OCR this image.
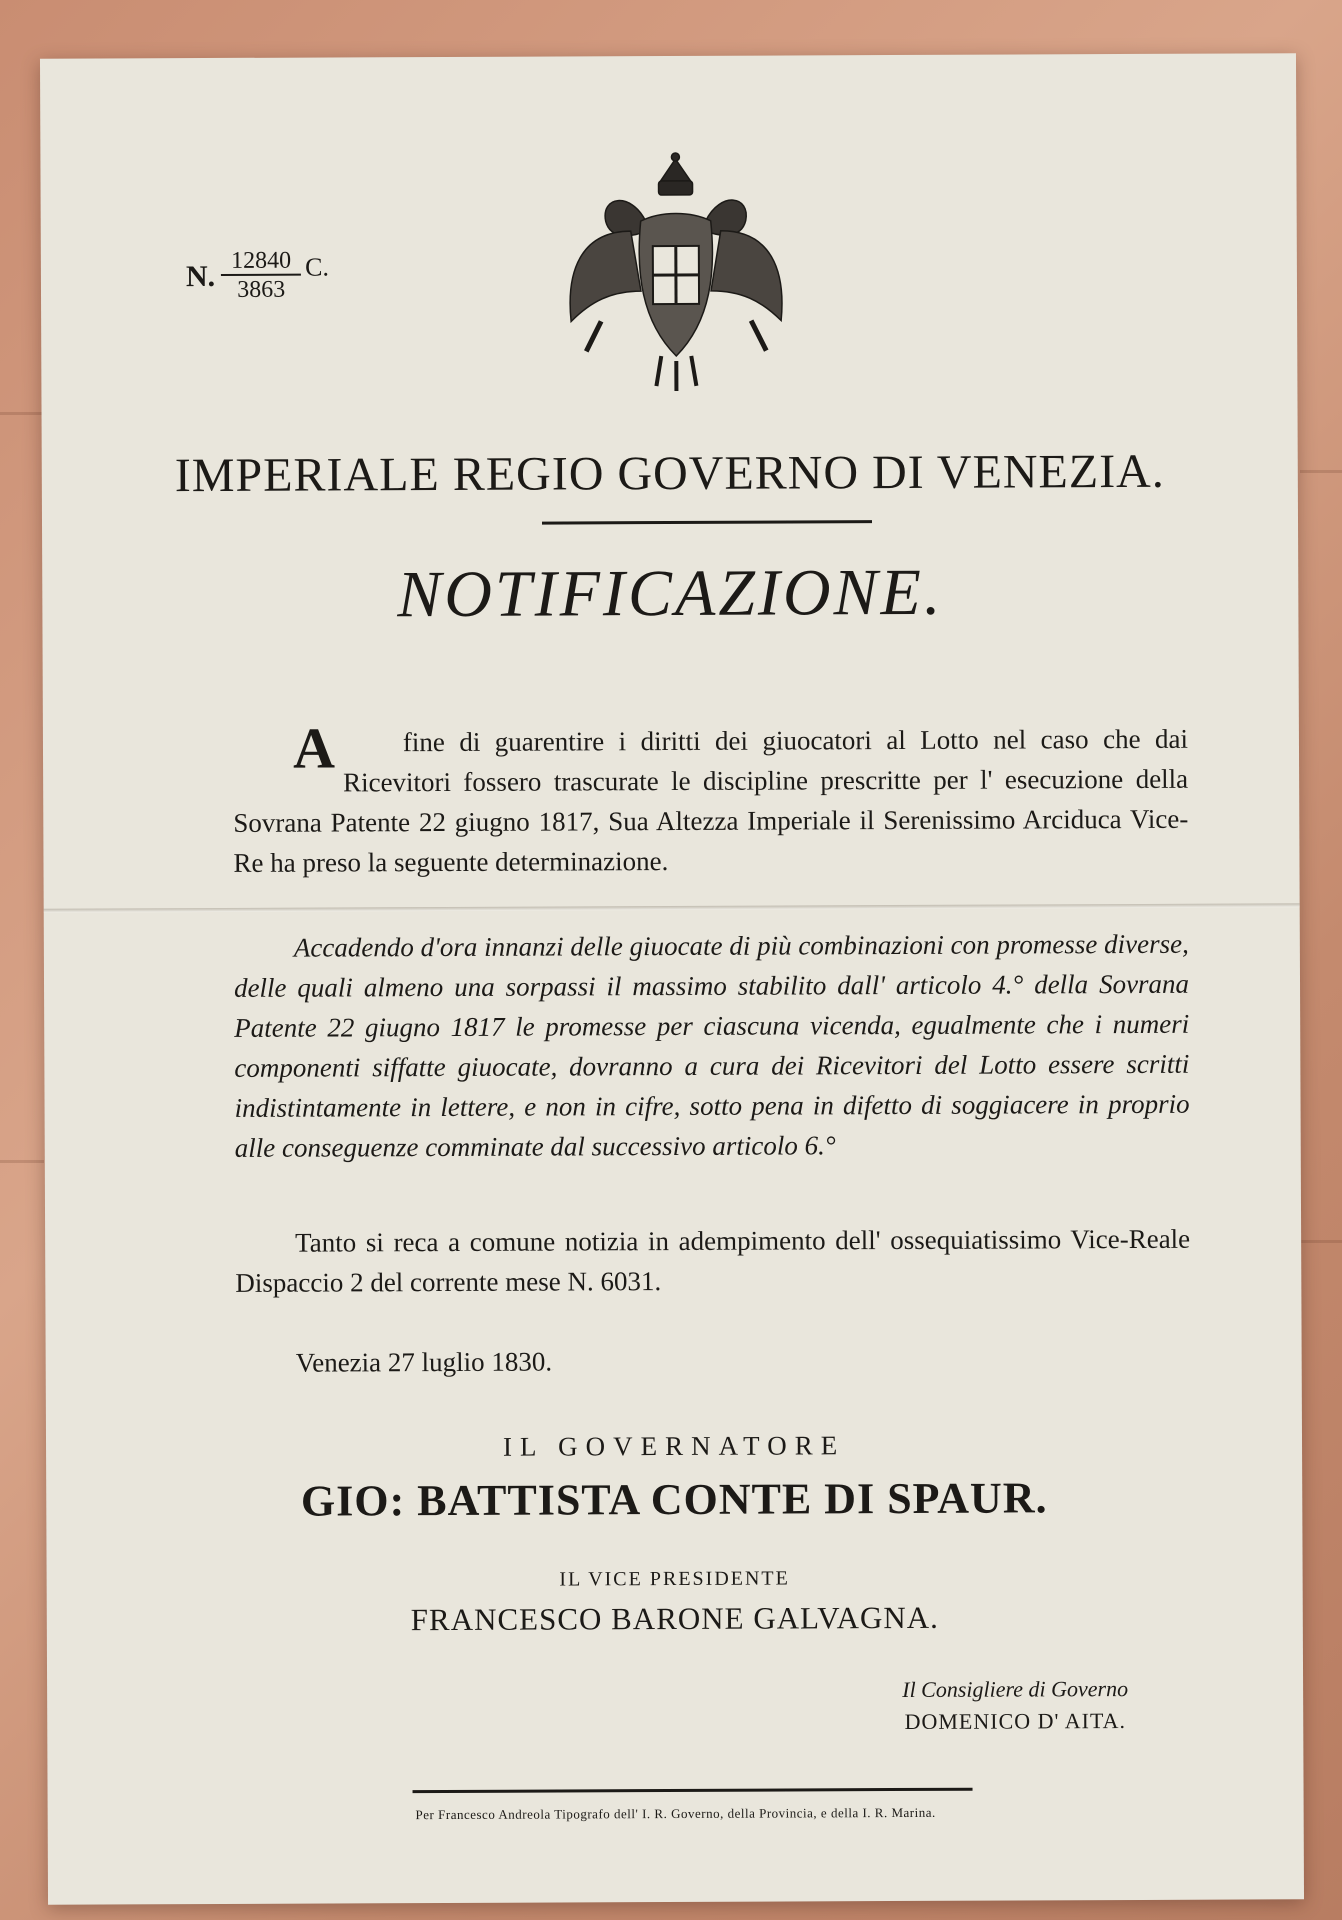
N. $\frac{12840}{3863} C$.
IMPERIALE REGIO GOVERNO DI VENEZIA.
NOTIFICAZIONE.
A	fine di guarentire i diritti dei giuocatori al Lotto nel caso che dai Ricevitori fossero trascurate le discipline prescritte per l' esecuzione della Sovrana Patente 22 giugno 1817, Sua Altezza Imperiale il Serenissimo Arciduca Vice-Re ha preso la seguente determinazione.
Accadendo d'ora innanzi delle giuocate di più combinazioni con promesse diverse, delle quali almeno una sorpassi il massimo stabilito dall' articolo 4.° della Sovrana Patente 22 giugno 1817 le promesse per ciascuna vicenda, egualmente che i numeri componenti siffatte giuocate, dovranno a cura dei Ricevitori del Lotto essere scritti indistintamente in lettere, e non in cifre, sotto pena in difetto di soggiacere in proprio alle conseguenze comminate dal successivo articolo 6.°
Tanto si reca a comune notizia in adempimento dell' ossequiatissimo Vice-Reale Dispaccio 2 del corrente mese N. 6031.
Venezia 27 luglio 1830.
IL GOVERNATORE
GIO: BATTISTA CONTE DI SPAUR.
IL VICE PRESIDENTE
FRANCESCO BARONE GALVAGNA.
Il Consigliere di Governo
DOMENICO D' AITA.
Per Francesco Andreola Tipografo dell' I. R. Governo, della Provincia, e della I. R. Marina.
